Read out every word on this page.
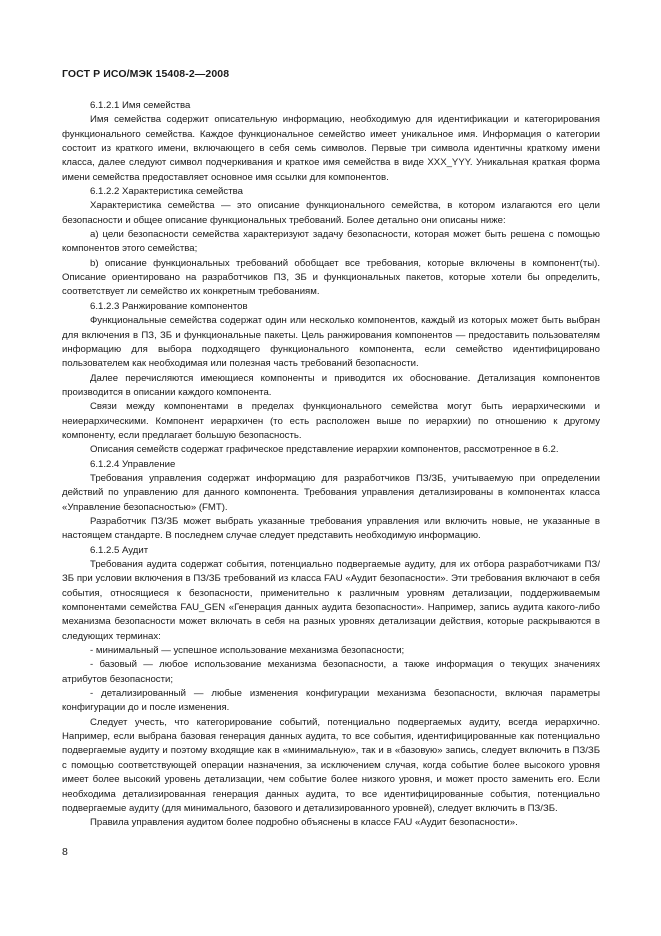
ГОСТ Р ИСО/МЭК 15408-2—2008

6.1.2.1 Имя семейства

Имя семейства содержит описательную информацию, необходимую для идентификации и категорирования функционального семейства. Каждое функциональное семейство имеет уникальное имя. Информация о категории состоит из краткого имени, включающего в себя семь символов. Первые три символа идентичны краткому имени класса, далее следуют символ подчеркивания и краткое имя семейства в виде XXX_YYY. Уникальная краткая форма имени семейства предоставляет основное имя ссылки для компонентов.

6.1.2.2 Характеристика семейства

Характеристика семейства — это описание функционального семейства, в котором излагаются его цели безопасности и общее описание функциональных требований. Более детально они описаны ниже:

а) цели безопасности семейства характеризуют задачу безопасности, которая может быть решена с помощью компонентов этого семейства;

b) описание функциональных требований обобщает все требования, которые включены в компонент(ты). Описание ориентировано на разработчиков ПЗ, ЗБ и функциональных пакетов, которые хотели бы определить, соответствует ли семейство их конкретным требованиям.

6.1.2.3 Ранжирование компонентов

Функциональные семейства содержат один или несколько компонентов, каждый из которых может быть выбран для включения в ПЗ, ЗБ и функциональные пакеты. Цель ранжирования компонентов — предоставить пользователям информацию для выбора подходящего функционального компонента, если семейство идентифицировано пользователем как необходимая или полезная часть требований безопасности.

Далее перечисляются имеющиеся компоненты и приводится их обоснование. Детализация компонентов производится в описании каждого компонента.

Связи между компонентами в пределах функционального семейства могут быть иерархическими и неиерархическими. Компонент иерархичен (то есть расположен выше по иерархии) по отношению к другому компоненту, если предлагает большую безопасность.

Описания семейств содержат графическое представление иерархии компонентов, рассмотренное в 6.2.

6.1.2.4 Управление

Требования управления содержат информацию для разработчиков ПЗ/ЗБ, учитываемую при определении действий по управлению для данного компонента. Требования управления детализированы в компонентах класса «Управление безопасностью» (FMT).

Разработчик ПЗ/ЗБ может выбрать указанные требования управления или включить новые, не указанные в настоящем стандарте. В последнем случае следует представить необходимую информацию.

6.1.2.5 Аудит

Требования аудита содержат события, потенциально подвергаемые аудиту, для их отбора разработчиками ПЗ/ЗБ при условии включения в ПЗ/ЗБ требований из класса FAU «Аудит безопасности». Эти требования включают в себя события, относящиеся к безопасности, применительно к различным уровням детализации, поддерживаемым компонентами семейства FAU_GEN «Генерация данных аудита безопасности». Например, запись аудита какого-либо механизма безопасности может включать в себя на разных уровнях детализации действия, которые раскрываются в следующих терминах:

- минимальный — успешное использование механизма безопасности;

- базовый — любое использование механизма безопасности, а также информация о текущих значениях атрибутов безопасности;

- детализированный — любые изменения конфигурации механизма безопасности, включая параметры конфигурации до и после изменения.

Следует учесть, что категорирование событий, потенциально подвергаемых аудиту, всегда иерархично. Например, если выбрана базовая генерация данных аудита, то все события, идентифицированные как потенциально подвергаемые аудиту и поэтому входящие как в «минимальную», так и в «базовую» запись, следует включить в ПЗ/ЗБ с помощью соответствующей операции назначения, за исключением случая, когда событие более высокого уровня имеет более высокий уровень детализации, чем событие более низкого уровня, и может просто заменить его. Если необходима детализированная генерация данных аудита, то все идентифицированные события, потенциально подвергаемые аудиту (для минимального, базового и детализированного уровней), следует включить в ПЗ/ЗБ.

Правила управления аудитом более подробно объяснены в классе FAU «Аудит безопасности».

8
